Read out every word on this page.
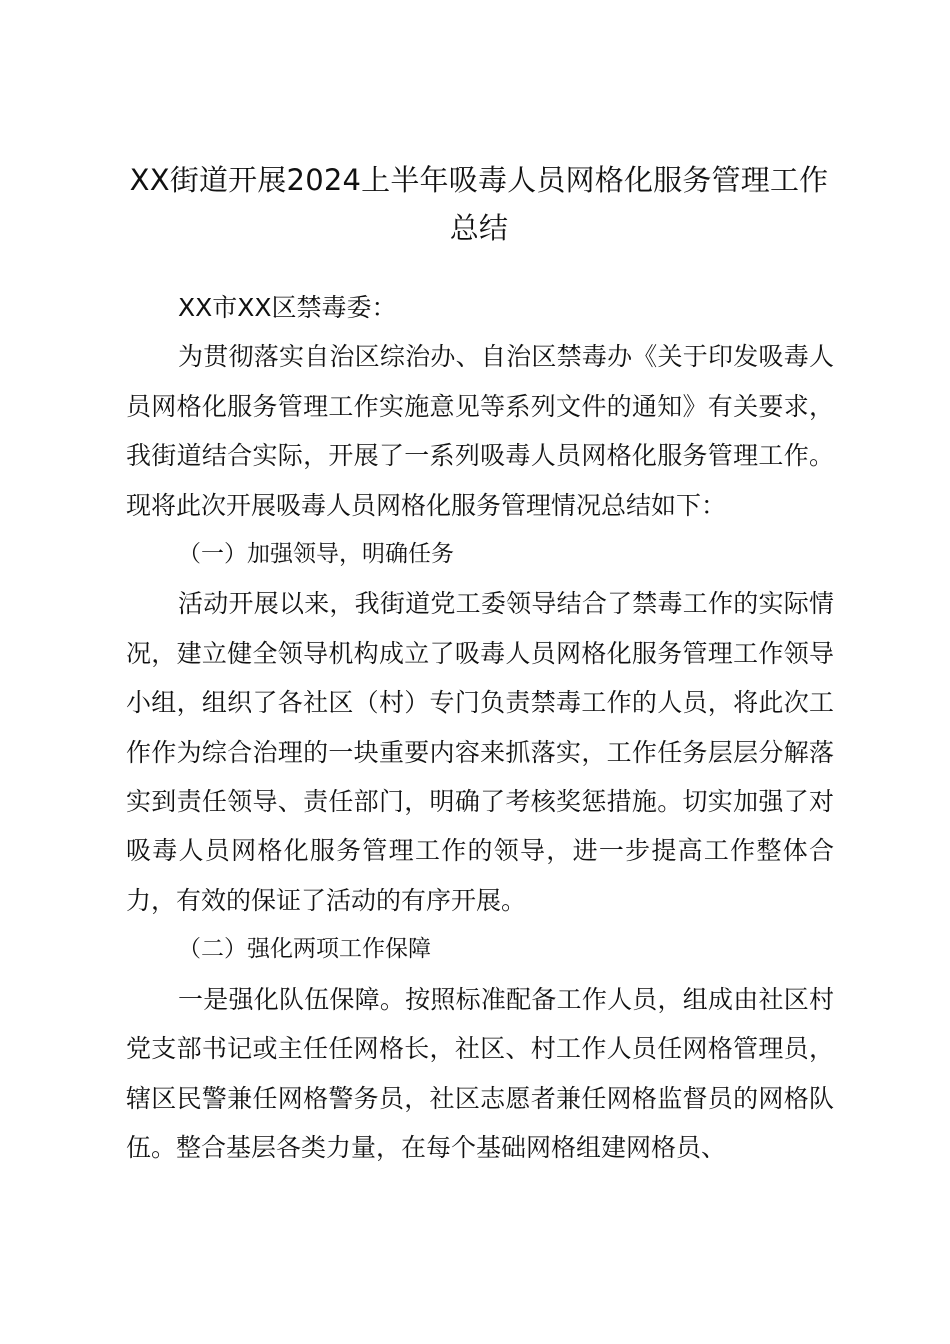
XX街道开展2024上半年吸毒人员网格化服务管理工作总结

XX市XX区禁毒委：

为贯彻落实自治区综治办、自治区禁毒办《关于印发吸毒人员网格化服务管理工作实施意见等系列文件的通知》有关要求，我街道结合实际，开展了一系列吸毒人员网格化服务管理工作。现将此次开展吸毒人员网格化服务管理情况总结如下：

（一）加强领导，明确任务

活动开展以来，我街道党工委领导结合了禁毒工作的实际情况，建立健全领导机构成立了吸毒人员网格化服务管理工作领导小组，组织了各社区（村）专门负责禁毒工作的人员，将此次工作作为综合治理的一块重要内容来抓落实，工作任务层层分解落实到责任领导、责任部门，明确了考核奖惩措施。切实加强了对吸毒人员网格化服务管理工作的领导，进一步提高工作整体合力，有效的保证了活动的有序开展。

（二）强化两项工作保障

一是强化队伍保障。按照标准配备工作人员，组成由社区村党支部书记或主任任网格长，社区、村工作人员任网格管理员，辖区民警兼任网格警务员，社区志愿者兼任网格监督员的网格队伍。整合基层各类力量，在每个基础网格组建网格员、
